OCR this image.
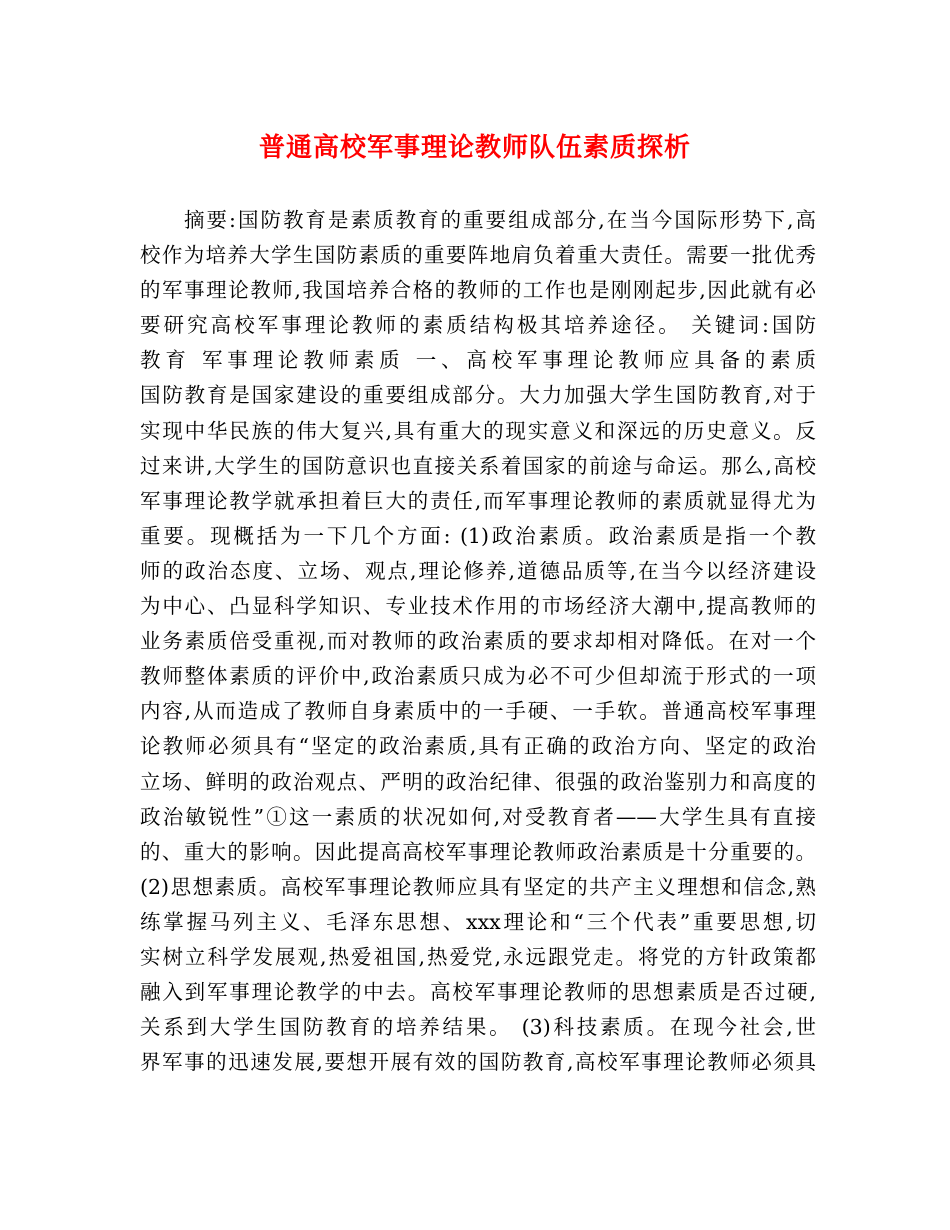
普通高校军事理论教师队伍素质探析
摘要:国防教育是素质教育的重要组成部分,在当今国际形势下,高
校作为培养大学生国防素质的重要阵地肩负着重大责任。需要一批优秀
的军事理论教师,我国培养合格的教师的工作也是刚刚起步,因此就有必
要研究高校军事理论教师的素质结构极其培养途径。 关键词:国防
教育 军事理论教师素质 一、高校军事理论教师应具备的素质
国防教育是国家建设的重要组成部分。大力加强大学生国防教育,对于
实现中华民族的伟大复兴,具有重大的现实意义和深远的历史意义。反
过来讲,大学生的国防意识也直接关系着国家的前途与命运。那么,高校
军事理论教学就承担着巨大的责任,而军事理论教师的素质就显得尤为
重要。现概括为一下几个方面: (1)政治素质。政治素质是指一个教
师的政治态度、立场、观点,理论修养,道德品质等,在当今以经济建设
为中心、凸显科学知识、专业技术作用的市场经济大潮中,提高教师的
业务素质倍受重视,而对教师的政治素质的要求却相对降低。在对一个
教师整体素质的评价中,政治素质只成为必不可少但却流于形式的一项
内容,从而造成了教师自身素质中的一手硬、一手软。普通高校军事理
论教师必须具有“坚定的政治素质,具有正确的政治方向、坚定的政治
立场、鲜明的政治观点、严明的政治纪律、很强的政治鉴别力和高度的
政治敏锐性”①这一素质的状况如何,对受教育者——大学生具有直接
的、重大的影响。因此提高高校军事理论教师政治素质是十分重要的。
(2)思想素质。高校军事理论教师应具有坚定的共产主义理想和信念,熟
练掌握马列主义、毛泽东思想、xxx理论和“三个代表”重要思想,切
实树立科学发展观,热爱祖国,热爱党,永远跟党走。将党的方针政策都
融入到军事理论教学的中去。高校军事理论教师的思想素质是否过硬,
关系到大学生国防教育的培养结果。 (3)科技素质。在现今社会,世
界军事的迅速发展,要想开展有效的国防教育,高校军事理论教师必须具
